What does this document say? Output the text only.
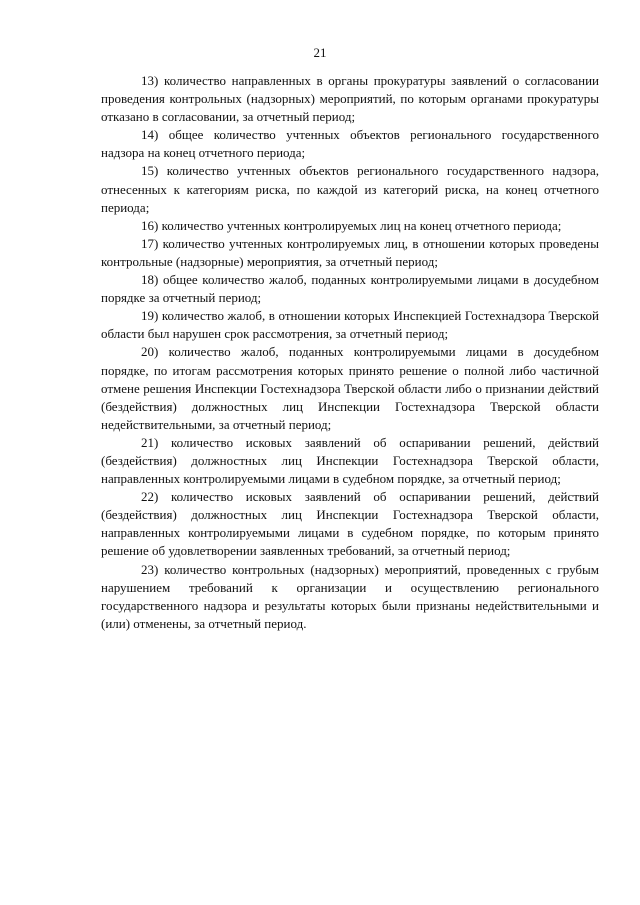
21

13) количество направленных в органы прокуратуры заявлений о согласовании проведения контрольных (надзорных) мероприятий, по которым органами прокуратуры отказано в согласовании, за отчетный период;

14) общее количество учтенных объектов регионального государственного надзора на конец отчетного периода;

15) количество учтенных объектов регионального государственного надзора, отнесенных к категориям риска, по каждой из категорий риска, на конец отчетного периода;

16) количество учтенных контролируемых лиц на конец отчетного периода;

17) количество учтенных контролируемых лиц, в отношении которых проведены контрольные (надзорные) мероприятия, за отчетный период;

18) общее количество жалоб, поданных контролируемыми лицами в досудебном порядке за отчетный период;

19) количество жалоб, в отношении которых Инспекцией Гостехнадзора Тверской области был нарушен срок рассмотрения, за отчетный период;

20) количество жалоб, поданных контролируемыми лицами в досудебном порядке, по итогам рассмотрения которых принято решение о полной либо частичной отмене решения Инспекции Гостехнадзора Тверской области либо о признании действий (бездействия) должностных лиц Инспекции Гостехнадзора Тверской области недействительными, за отчетный период;

21) количество исковых заявлений об оспаривании решений, действий (бездействия) должностных лиц Инспекции Гостехнадзора Тверской области, направленных контролируемыми лицами в судебном порядке, за отчетный период;

22) количество исковых заявлений об оспаривании решений, действий (бездействия) должностных лиц Инспекции Гостехнадзора Тверской области, направленных контролируемыми лицами в судебном порядке, по которым принято решение об удовлетворении заявленных требований, за отчетный период;

23) количество контрольных (надзорных) мероприятий, проведенных с грубым нарушением требований к организации и осуществлению регионального государственного надзора и результаты которых были признаны недействительными и (или) отменены, за отчетный период.
